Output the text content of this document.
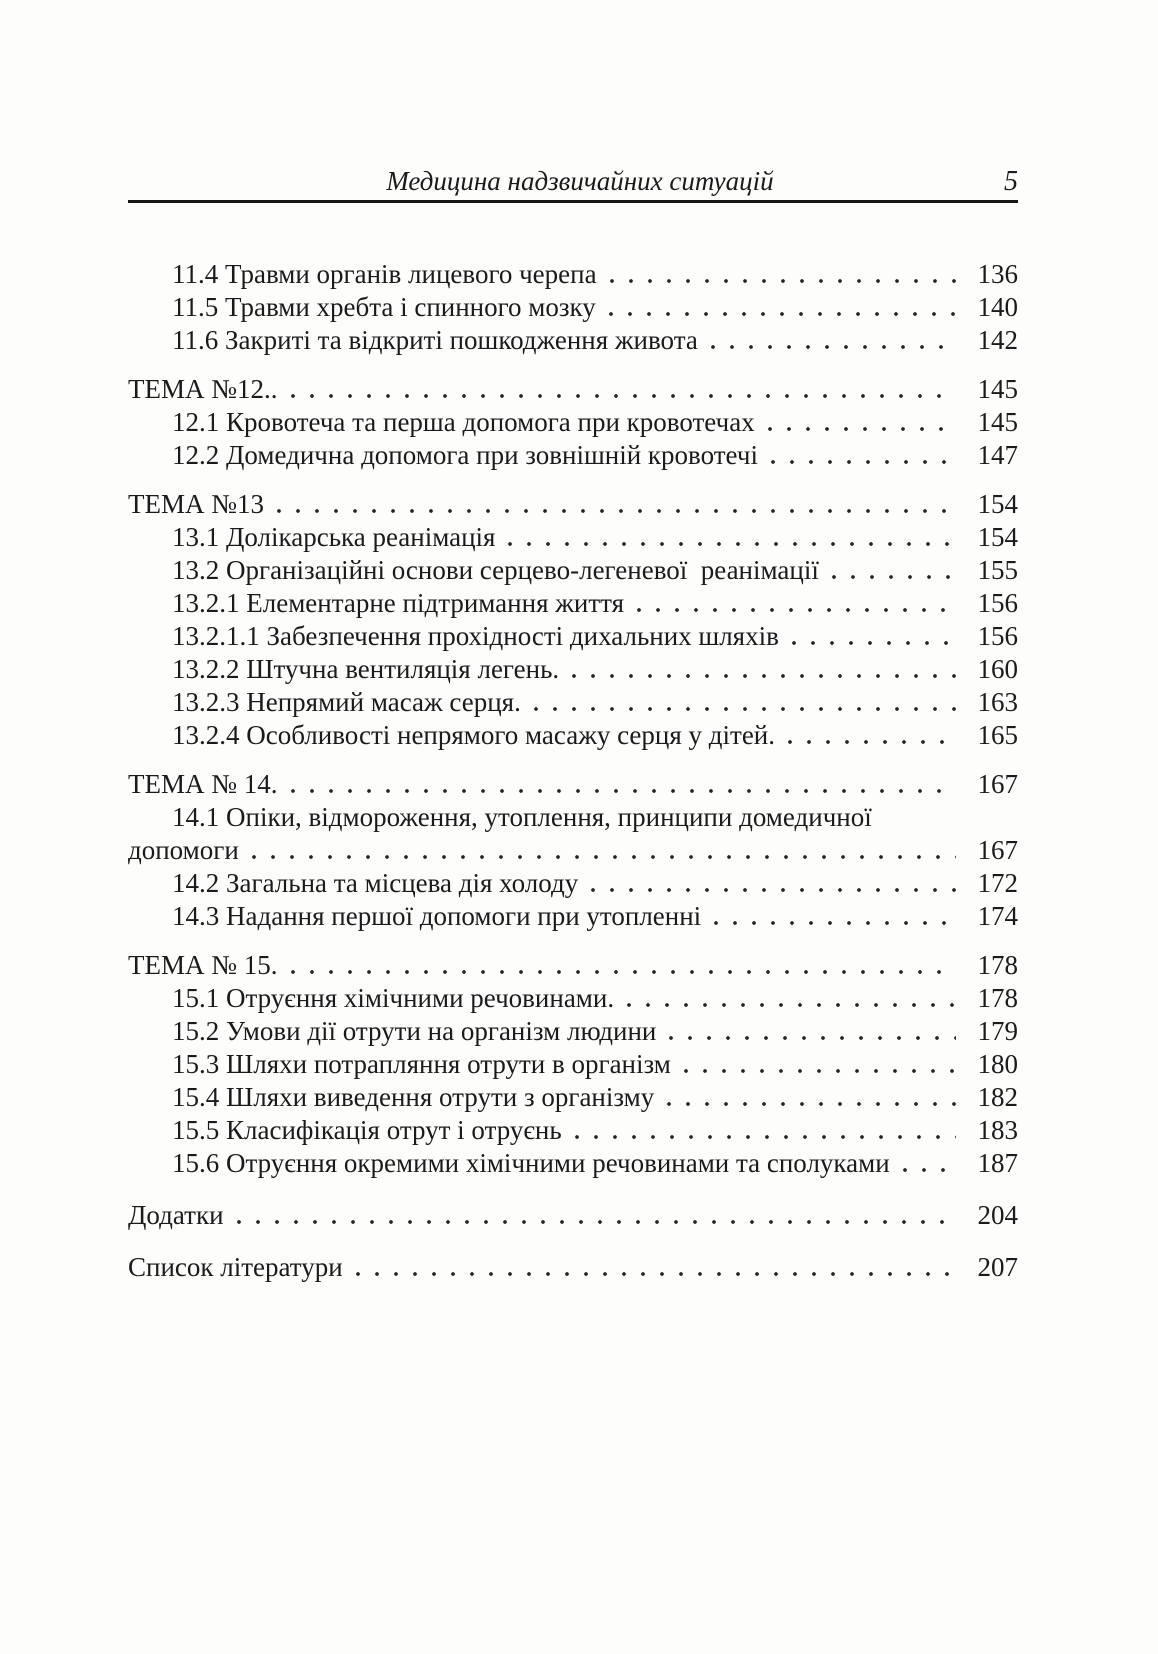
Медицина надзвичайних ситуацій	5
11.4 Травми органів лицевого черепа	136
11.5 Травми хребта і спинного мозку	140
11.6 Закриті та відкриті пошкодження живота	142
ТЕМА №12..	145
12.1 Кровотеча та перша допомога при кровотечах	145
12.2 Домедична допомога при зовнішній кровотечі	147
ТЕМА №13	154
13.1 Долікарська реанімація	154
13.2 Організаційні основи серцево-легеневої  реанімації	155
13.2.1 Елементарне підтримання життя	156
13.2.1.1 Забезпечення прохідності дихальних шляхів	156
13.2.2 Штучна вентиляція легень.	160
13.2.3 Непрямий масаж серця.	163
13.2.4 Особливості непрямого масажу серця у дітей.	165
ТЕМА № 14.	167
14.1 Опіки, відмороження, утоплення, принципи домедичної
допомоги	167
14.2 Загальна та місцева дія холоду	172
14.3 Надання першої допомоги при утопленні	174
ТЕМА № 15.	178
15.1 Отруєння хімічними речовинами.	178
15.2 Умови дії отрути на організм людини	179
15.3 Шляхи потрапляння отрути в організм	180
15.4 Шляхи виведення отрути з організму	182
15.5 Класифікація отрут і отруєнь	183
15.6 Отруєння окремими хімічними речовинами та сполуками	187
Додатки	204
Список літератури	207
